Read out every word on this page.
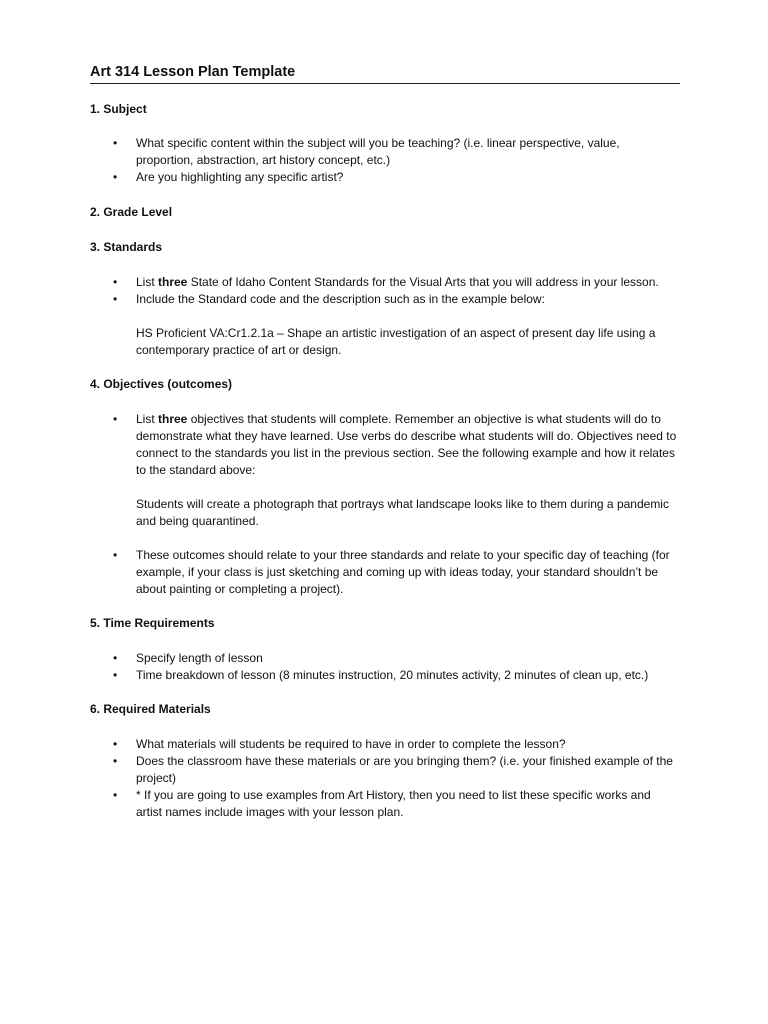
Art 314 Lesson Plan Template

1. Subject

• What specific content within the subject will you be teaching? (i.e. linear perspective, value, proportion, abstraction, art history concept, etc.)
• Are you highlighting any specific artist?

2. Grade Level

3. Standards

• List three State of Idaho Content Standards for the Visual Arts that you will address in your lesson.
• Include the Standard code and the description such as in the example below:

HS Proficient VA:Cr1.2.1a – Shape an artistic investigation of an aspect of present day life using a contemporary practice of art or design.

4. Objectives (outcomes)

• List three objectives that students will complete. Remember an objective is what students will do to demonstrate what they have learned. Use verbs do describe what students will do. Objectives need to connect to the standards you list in the previous section. See the following example and how it relates to the standard above:

Students will create a photograph that portrays what landscape looks like to them during a pandemic and being quarantined.

• These outcomes should relate to your three standards and relate to your specific day of teaching (for example, if your class is just sketching and coming up with ideas today, your standard shouldn’t be about painting or completing a project).

5. Time Requirements

• Specify length of lesson
• Time breakdown of lesson (8 minutes instruction, 20 minutes activity, 2 minutes of clean up, etc.)

6. Required Materials

• What materials will students be required to have in order to complete the lesson?
• Does the classroom have these materials or are you bringing them? (i.e. your finished example of the project)
• * If you are going to use examples from Art History, then you need to list these specific works and artist names include images with your lesson plan.
